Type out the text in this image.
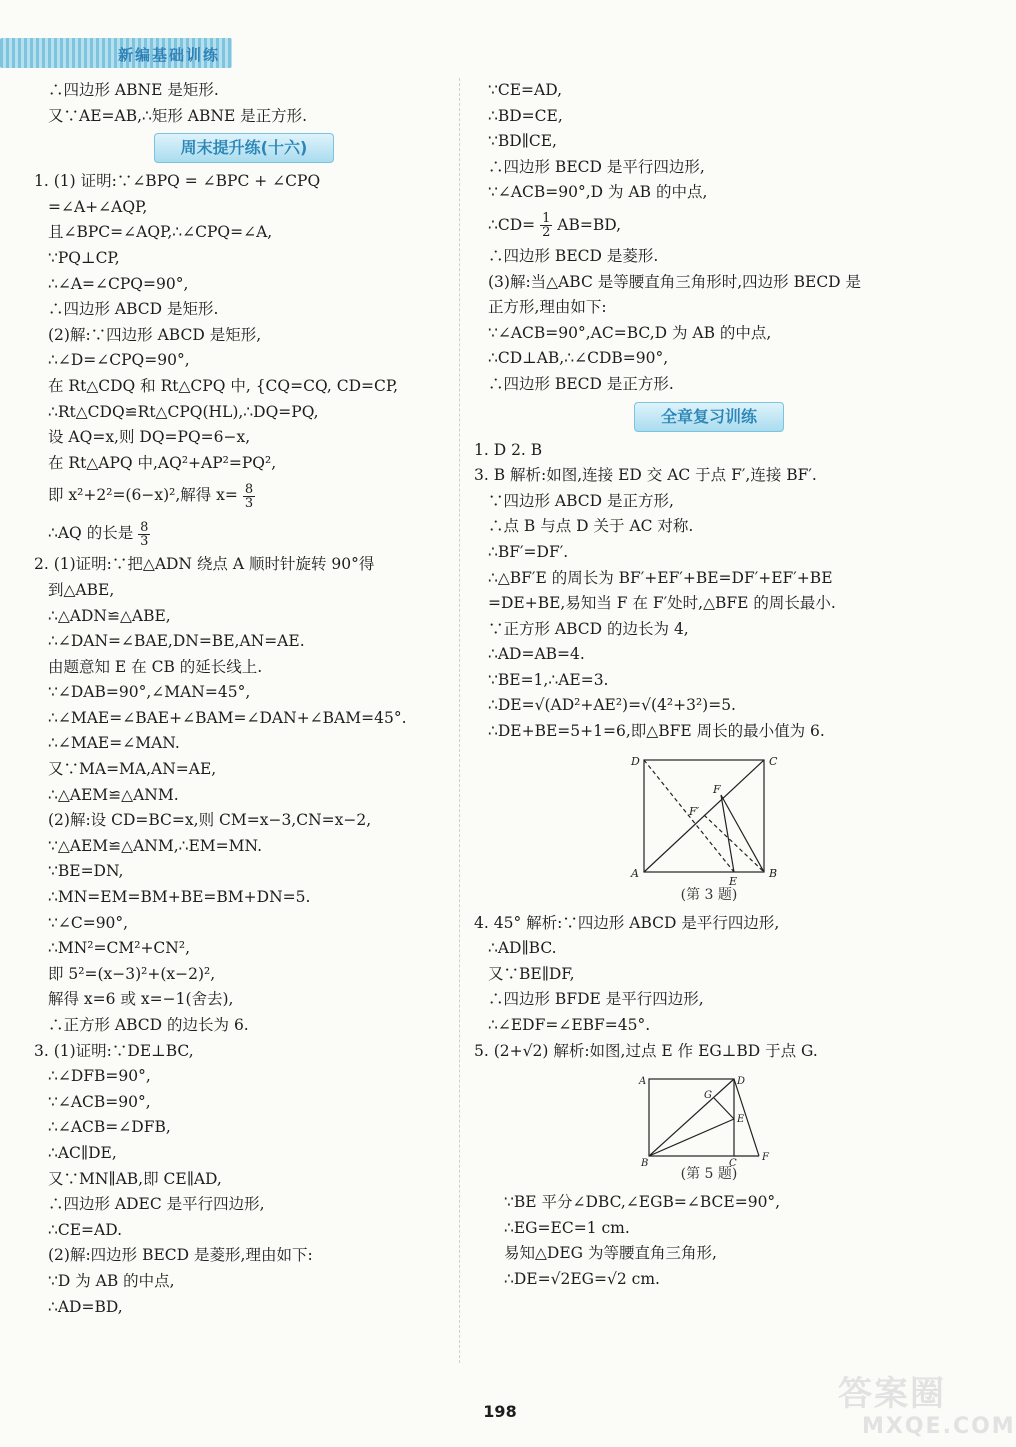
新编基础训练
∴四边形 ABNE 是矩形.
又∵AE=AB,∴矩形 ABNE 是正方形.
周末提升练(十六)
1. (1) 证明:∵∠BPQ = ∠BPC + ∠CPQ
=∠A+∠AQP,
且∠BPC=∠AQP,∴∠CPQ=∠A,
∵PQ⊥CP,
∴∠A=∠CPQ=90°,
∴四边形 ABCD 是矩形.
(2)解:∵四边形 ABCD 是矩形,
∴∠D=∠CPQ=90°,
在 Rt△CDQ 和 Rt△CPQ 中, {CQ=CQ, CD=CP,
∴Rt△CDQ≌Rt△CPQ(HL),∴DQ=PQ,
设 AQ=x,则 DQ=PQ=6−x,
在 Rt△APQ 中,AQ²+AP²=PQ²,
即 x²+2²=(6−x)²,解得 $x= \frac{8}{3}$
∴AQ 的长是 $\frac{8}{3}$
2. (1)证明:∵把△ADN 绕点 A 顺时针旋转 90°得
到△ABE,
∴△ADN≌△ABE,
∴∠DAN=∠BAE,DN=BE,AN=AE.
由题意知 E 在 CB 的延长线上.
∵∠DAB=90°,∠MAN=45°,
∴∠MAE=∠BAE+∠BAM=∠DAN+∠BAM=45°.
∴∠MAE=∠MAN.
又∵MA=MA,AN=AE,
∴△AEM≌△ANM.
(2)解:设 CD=BC=x,则 CM=x−3,CN=x−2,
∵△AEM≌△ANM,∴EM=MN.
∵BE=DN,
∴MN=EM=BM+BE=BM+DN=5.
∵∠C=90°,
∴MN²=CM²+CN²,
即 5²=(x−3)²+(x−2)²,
解得 x=6 或 x=−1(舍去),
∴正方形 ABCD 的边长为 6.
3. (1)证明:∵DE⊥BC,
∴∠DFB=90°,
∵∠ACB=90°,
∴∠ACB=∠DFB,
∴AC∥DE,
又∵MN∥AB,即 CE∥AD,
∴四边形 ADEC 是平行四边形,
∴CE=AD.
(2)解:四边形 BECD 是菱形,理由如下:
∵D 为 AB 的中点,
∴AD=BD,
∵CE=AD,
∴BD=CE,
∵BD∥CE,
∴四边形 BECD 是平行四边形,
∵∠ACB=90°,D 为 AB 的中点,
∴CD= $\frac{1}{2} AB=BD$,
∴四边形 BECD 是菱形.
(3)解:当△ABC 是等腰直角三角形时,四边形 BECD 是
正方形,理由如下:
∵∠ACB=90°,AC=BC,D 为 AB 的中点,
∴CD⊥AB,∴∠CDB=90°,
∴四边形 BECD 是正方形.
全章复习训练
1. D 2. B
3. B 解析:如图,连接 ED 交 AC 于点 F′,连接 BF′.
∵四边形 ABCD 是正方形,
∴点 B 与点 D 关于 AC 对称.
∴BF′=DF′.
∴△BF′E 的周长为 BF′+EF′+BE=DF′+EF′+BE
=DE+BE,易知当 F 在 F′处时,△BFE 的周长最小.
∵正方形 ABCD 的边长为 4,
∴AD=AB=4.
∵BE=1,∴AE=3.
∴DE=√(AD²+AE²)=√(4²+3²)=5.
∴DE+BE=5+1=6,即△BFE 周长的最小值为 6.
D	C
A	B
E
F
F′
(第 3 题)
4. 45° 解析:∵四边形 ABCD 是平行四边形,
∴AD∥BC.
又∵BE∥DF,
∴四边形 BFDE 是平行四边形,
∴∠EDF=∠EBF=45°.
5. (2+√2) 解析:如图,过点 E 作 EG⊥BD 于点 G.
A	D
B	C
F
E
G
(第 5 题)
∵BE 平分∠DBC,∠EGB=∠BCE=90°,
∴EG=EC=1 cm.
易知△DEG 为等腰直角三角形,
∴DE=√2EG=√2 cm.
198	答案圈
MXQE.COM
